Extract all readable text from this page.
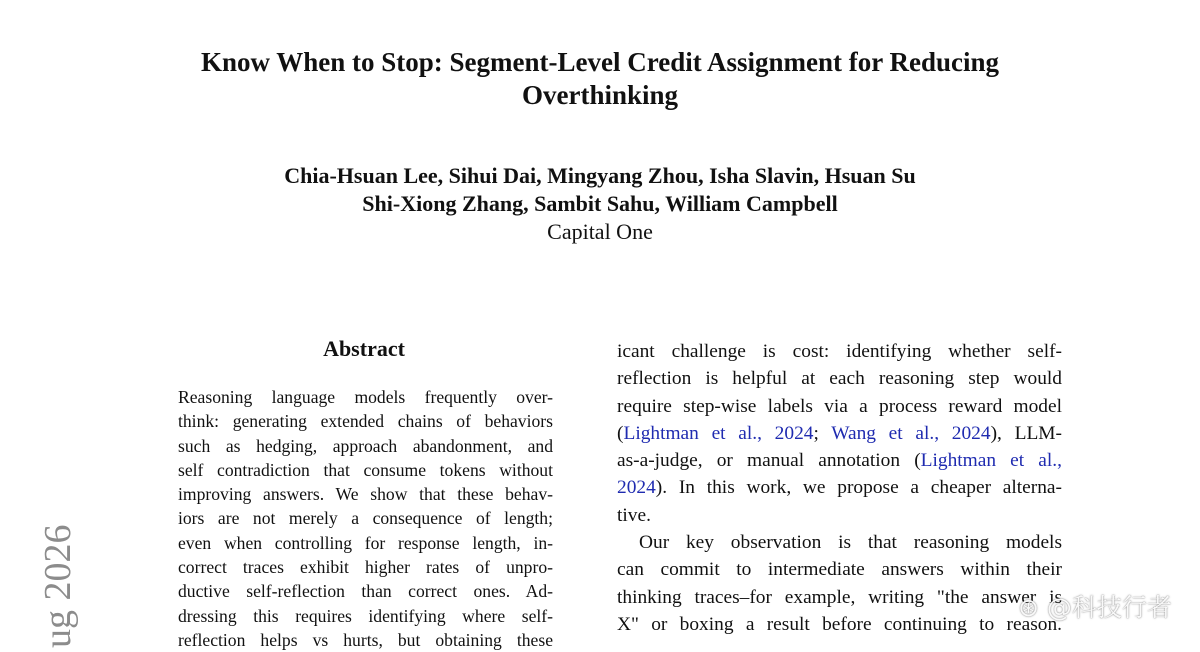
Know When to Stop: Segment-Level Credit Assignment for Reducing
Overthinking
Chia-Hsuan Lee, Sihui Dai, Mingyang Zhou, Isha Slavin, Hsuan Su
Shi-Xiong Zhang, Sambit Sahu, William Campbell
Capital One
Abstract
Reasoning language models frequently over-
think: generating extended chains of behaviors
such as hedging, approach abandonment, and
self contradiction that consume tokens without
improving answers. We show that these behav-
iors are not merely a consequence of length;
even when controlling for response length, in-
correct traces exhibit higher rates of unpro-
ductive self-reflection than correct ones. Ad-
dressing this requires identifying where self-
reflection helps vs hurts, but obtaining these
icant challenge is cost: identifying whether self-
reflection is helpful at each reasoning step would
require step-wise labels via a process reward model
(Lightman et al., 2024; Wang et al., 2024), LLM-
as-a-judge, or manual annotation (Lightman et al.,
2024). In this work, we propose a cheaper alterna-
tive.
Our key observation is that reasoning models
can commit to intermediate answers within their
thinking traces–for example, writing "the answer is
X" or boxing a result before continuing to reason.
ug 2026	⊛ @科技行者
